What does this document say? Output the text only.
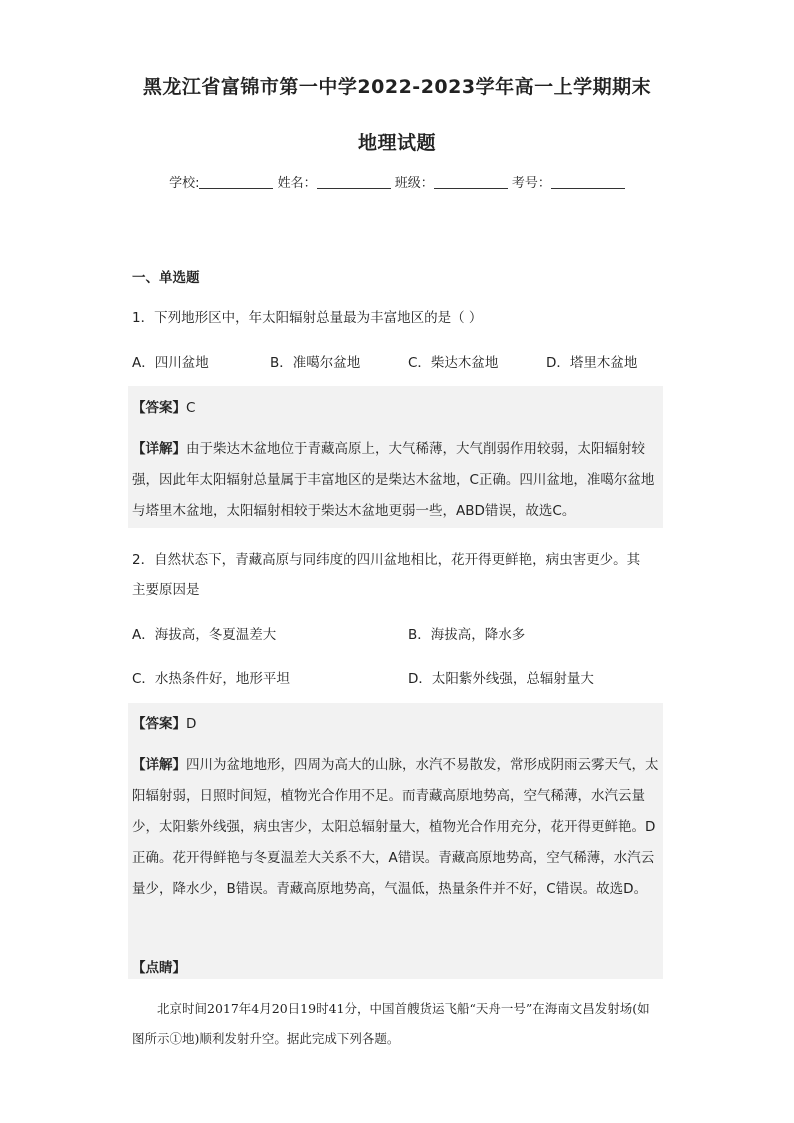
黑龙江省富锦市第一中学2022-2023学年高一上学期期末
地理试题
学校:	姓名：	班级：	考号：
一、单选题
1．下列地形区中，年太阳辐射总量最为丰富地区的是（ ）
A．四川盆地	B．准噶尔盆地	C．柴达木盆地	D．塔里木盆地
【答案】C
【详解】由于柴达木盆地位于青藏高原上，大气稀薄，大气削弱作用较弱，太阳辐射较强，因此年太阳辐射总量属于丰富地区的是柴达木盆地，C正确。四川盆地，准噶尔盆地与塔里木盆地，太阳辐射相较于柴达木盆地更弱一些，ABD错误，故选C。
2．自然状态下，青藏高原与同纬度的四川盆地相比，花开得更鲜艳，病虫害更少。其
主要原因是
A．海拔高，冬夏温差大	B．海拔高，降水多
C．水热条件好，地形平坦	D．太阳紫外线强，总辐射量大
【答案】D
【详解】四川为盆地地形，四周为高大的山脉，水汽不易散发，常形成阴雨云雾天气，太阳辐射弱，日照时间短，植物光合作用不足。而青藏高原地势高，空气稀薄，水汽云量少，太阳紫外线强，病虫害少，太阳总辐射量大，植物光合作用充分，花开得更鲜艳。D正确。花开得鲜艳与冬夏温差大关系不大，A错误。青藏高原地势高，空气稀薄，水汽云量少，降水少，B错误。青藏高原地势高，气温低，热量条件并不好，C错误。故选D。
【点睛】
北京时间2017年4月20日19时41分，中国首艘货运飞船“天舟一号”在海南文昌发射场(如图所示①地)顺利发射升空。据此完成下列各题。
